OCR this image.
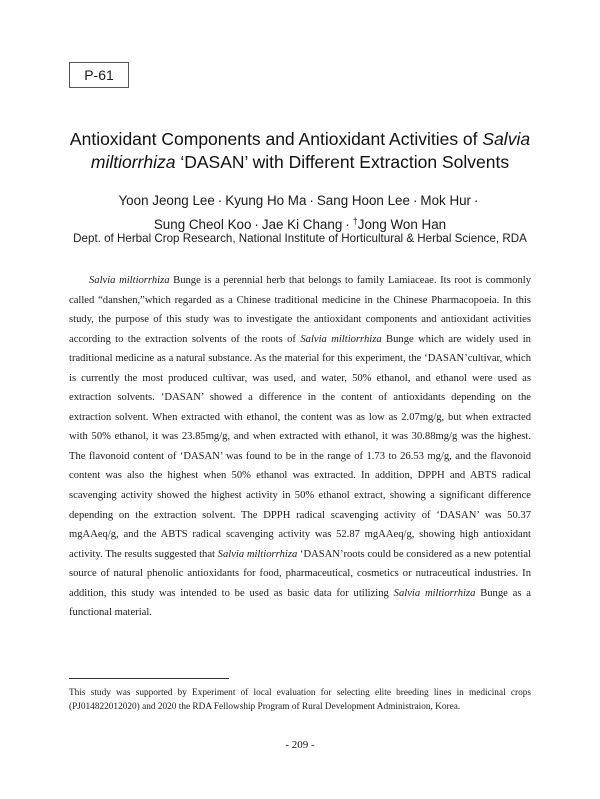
P-61
Antioxidant Components and Antioxidant Activities of Salvia
miltiorrhiza ‘DASAN’ with Different Extraction Solvents
Yoon Jeong Lee · Kyung Ho Ma · Sang Hoon Lee · Mok Hur ·
Sung Cheol Koo · Jae Ki Chang · †Jong Won Han
Dept. of Herbal Crop Research, National Institute of Horticultural & Herbal Science, RDA

Salvia miltiorrhiza Bunge is a perennial herb that belongs to family Lamiaceae. Its root is commonly called “danshen,”which regarded as a Chinese traditional medicine in the Chinese Pharmacopoeia. In this study, the purpose of this study was to investigate the antioxidant components and antioxidant activities according to the extraction solvents of the roots of Salvia miltiorrhiza Bunge which are widely used in traditional medicine as a natural substance. As the material for this experiment, the ‘DASAN’cultivar, which is currently the most produced cultivar, was used, and water, 50% ethanol, and ethanol were used as extraction solvents. ‘DASAN’ showed a difference in the content of antioxidants depending on the extraction solvent. When extracted with ethanol, the content was as low as 2.07mg/g, but when extracted with 50% ethanol, it was 23.85mg/g, and when extracted with ethanol, it was 30.88mg/g was the highest. The flavonoid content of ‘DASAN’ was found to be in the range of 1.73 to 26.53 mg/g, and the flavonoid content was also the highest when 50% ethanol was extracted. In addition, DPPH and ABTS radical scavenging activity showed the highest activity in 50% ethanol extract, showing a significant difference depending on the extraction solvent. The DPPH radical scavenging activity of ‘DASAN’ was 50.37 mgAAeq/g, and the ABTS radical scavenging activity was 52.87 mgAAeq/g, showing high antioxidant activity. The results suggested that Salvia miltiorrhiza ‘DASAN’roots could be considered as a new potential source of natural phenolic antioxidants for food, pharmaceutical, cosmetics or nutraceutical industries. In addition, this study was intended to be used as basic data for utilizing Salvia miltiorrhiza Bunge as a functional material.

This study was supported by Experiment of local evaluation for selecting elite breeding lines in medicinal crops (PJ014822012020) and 2020 the RDA Fellowship Program of Rural Development Administraion, Korea.

- 209 -
